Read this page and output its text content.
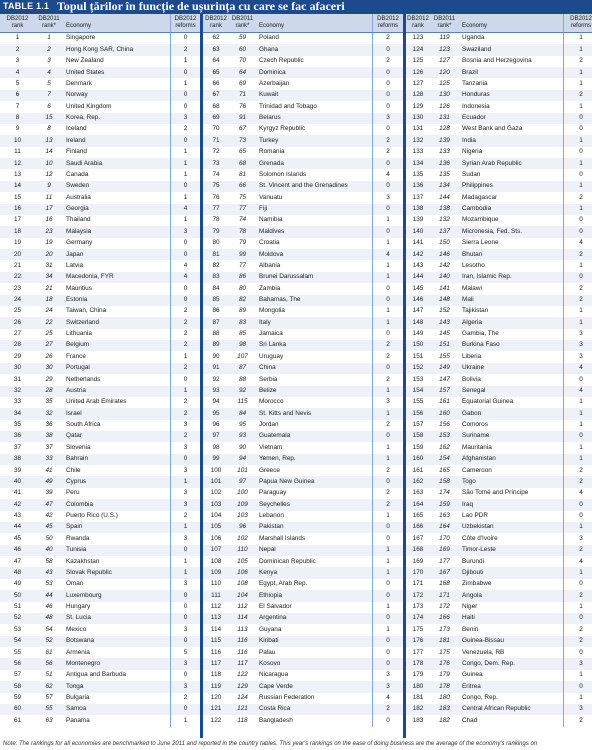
TABLE 1.1 Topul țărilor în funcție de ușurința cu care se fac afaceri
DB2012
rank
DB2011
rank* Economy
DB2012
reforms
1	1	Singapore	0
2	2	Hong Kong SAR, China	2
3	3	New Zealand	1
4	4	United States	0
5	5	Denmark	1
6	7	Norway	0
7	6	United Kingdom	0
8	15	Korea, Rep.	3
9	8	Iceland	2
10	13	Ireland	0
11	14	Finland	1
12	10	Saudi Arabia	1
13	12	Canada	1
14	9	Sweden	0
15	11	Australia	1
16	17	Georgia	4
17	16	Thailand	1
18	23	Malaysia	3
19	19	Germany	0
20	20	Japan	0
21	31	Latvia	4
22	34	Macedonia, FYR	4
23	21	Mauritius	0
24	18	Estonia	0
25	24	Taiwan, China	2
26	22	Switzerland	2
27	25	Lithuania	2
28	27	Belgium	2
29	26	France	1
30	30	Portugal	2
31	29	Netherlands	0
32	28	Austria	1
33	35	United Arab Emirates	2
34	32	Israel	2
35	36	South Africa	3
36	38	Qatar	2
37	37	Slovenia	3
38	33	Bahrain	0
39	41	Chile	3
40	49	Cyprus	1
41	39	Peru	3
42	47	Colombia	3
43	42	Puerto Rico (U.S.)	2
44	45	Spain	1
45	50	Rwanda	3
46	40	Tunisia	0
47	58	Kazakhstan	1
48	43	Slovak Republic	1
49	53	Oman	3
50	44	Luxembourg	0
51	46	Hungary	0
52	48	St. Lucia	0
53	54	Mexico	3
54	52	Botswana	0
55	61	Armenia	5
56	56	Montenegro	3
57	51	Antigua and Barbuda	0
58	62	Tonga	3
59	57	Bulgaria	2
60	55	Samoa	0
61	63	Panama	1
DB2012
rank
DB2011
rank* Economy
DB2012
reforms
62	59	Poland	2
63	60	Ghana	0
64	70	Czech Republic	2
65	64	Dominica	0
66	69	Azerbaijan	0
67	71	Kuwait	0
68	76	Trinidad and Tobago	0
69	91	Belarus	3
70	67	Kyrgyz Republic	0
71	73	Turkey	2
72	65	Romania	2
73	68	Grenada	0
74	81	Solomon Islands	4
75	66	St. Vincent and the Grenadines	0
76	75	Vanuatu	3
77	77	Fiji	0
78	74	Namibia	1
79	78	Maldives	0
80	79	Croatia	1
81	99	Moldova	4
82	77	Albania	1
83	86	Brunei Darussalam	1
84	80	Zambia	0
85	82	Bahamas, The	0
86	89	Mongolia	1
87	83	Italy	1
88	85	Jamaica	0
89	98	Sri Lanka	2
90	107	Uruguay	2
91	87	China	0
92	88	Serbia	2
93	92	Belize	1
94	115	Morocco	3
95	84	St. Kitts and Nevis	1
96	95	Jordan	2
97	93	Guatemala	0
98	90	Vietnam	1
99	94	Yemen, Rep.	1
100	101	Greece	2
101	97	Papua New Guinea	0
102	100	Paraguay	2
103	109	Seychelles	2
104	103	Lebanon	1
105	96	Pakistan	0
106	102	Marshall Islands	0
107	110	Nepal	1
108	105	Dominican Republic	1
109	106	Kenya	1
110	108	Egypt, Arab Rep.	0
111	104	Ethiopia	0
112	112	El Salvador	1
113	114	Argentina	0
114	113	Guyana	1
115	116	Kiribati	0
116	116	Palau	0
117	117	Kosovo	0
118	122	Nicaragua	3
119	129	Cape Verde	3
120	124	Russian Federation	4
121	121	Costa Rica	2
122	118	Bangladesh	0
DB2012
rank
DB2011
rank* Economy
DB2012
reforms
123	119	Uganda	1
124	123	Swaziland	1
125	127	Bosnia and Herzegovina	2
126	120	Brazil	1
127	125	Tanzania	1
128	130	Honduras	2
129	126	Indonesia	1
130	131	Ecuador	0
131	128	West Bank and Gaza	0
132	139	India	1
133	133	Nigeria	0
134	136	Syrian Arab Republic	1
135	135	Sudan	0
136	134	Philippines	1
137	144	Madagascar	2
138	138	Cambodia	1
139	132	Mozambique	0
140	137	Micronesia, Fed. Sts.	0
141	150	Sierra Leone	4
142	146	Bhutan	2
143	142	Lesotho	1
144	140	Iran, Islamic Rep.	0
145	141	Malawi	2
146	148	Mali	2
147	152	Tajikistan	1
148	143	Algeria	1
149	145	Gambia, The	3
150	151	Burkina Faso	3
151	155	Liberia	3
152	149	Ukraine	4
153	147	Bolivia	0
154	157	Senegal	4
155	161	Equatorial Guinea	1
156	160	Gabon	1
157	156	Comoros	1
158	153	Suriname	0
159	162	Mauritania	1
160	154	Afghanistan	1
161	165	Cameroon	2
162	158	Togo	2
163	174	São Tomé and Príncipe	4
164	159	Iraq	0
165	163	Lao PDR	0
166	164	Uzbekistan	1
167	170	Côte d'Ivoire	3
168	169	Timor-Leste	2
169	177	Burundi	4
170	167	Djibouti	1
171	168	Zimbabwe	0
172	171	Angola	2
173	172	Niger	1
174	166	Haiti	0
175	173	Benin	2
176	181	Guinea-Bissau	2
177	175	Venezuela, RB	0
178	176	Congo, Dem. Rep.	3
179	179	Guinea	1
180	178	Eritrea	0
181	180	Congo, Rep.	1
182	183	Central African Republic	3
183	182	Chad	2
Note: The rankings for all economies are benchmarked to June 2011 and reported in the country tables. This year's rankings on the ease of doing business are the average of the economy's rankings on
